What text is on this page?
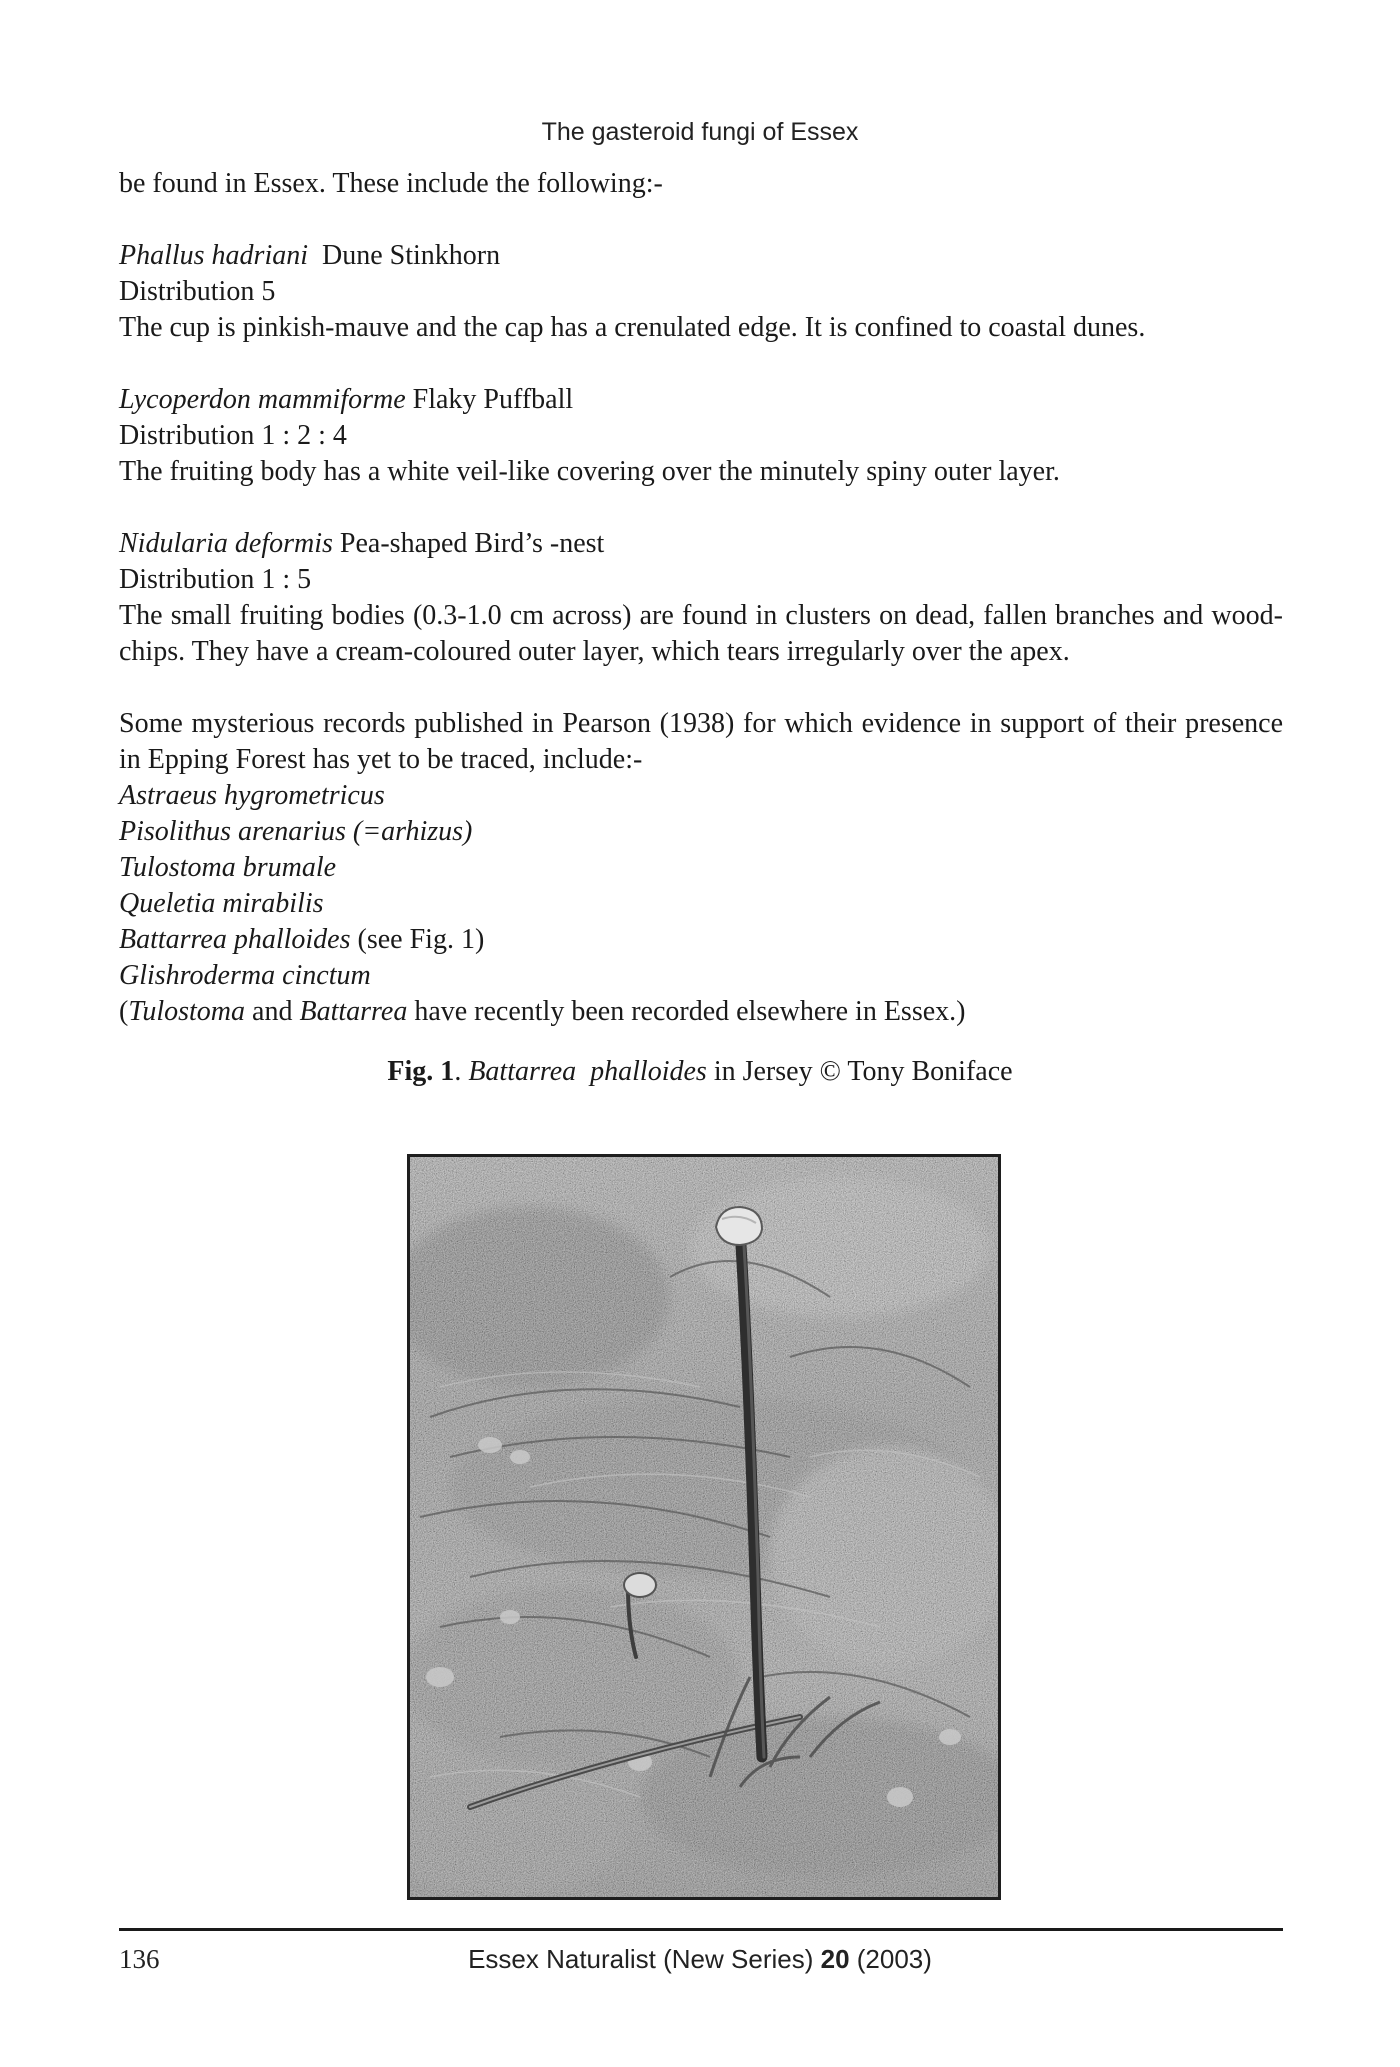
The gasteroid fungi of Essex

be found in Essex. These include the following:-

Phallus hadriani Dune Stinkhorn

Distribution 5

The cup is pinkish-mauve and the cap has a crenulated edge. It is confined to coastal dunes.

Lycoperdon mammiforme Flaky Puffball

Distribution 1 : 2 : 4

The fruiting body has a white veil-like covering over the minutely spiny outer layer.

Nidularia deformis Pea-shaped Bird’s -nest

Distribution 1 : 5

The small fruiting bodies (0.3-1.0 cm across) are found in clusters on dead, fallen branches and wood-chips. They have a cream-coloured outer layer, which tears irregularly over the apex.

Some mysterious records published in Pearson (1938) for which evidence in support of their presence in Epping Forest has yet to be traced, include:-

Astraeus hygrometricus

Pisolithus arenarius (=arhizus)

Tulostoma brumale

Queletia mirabilis

Battarrea phalloides (see Fig. 1)

Glishroderma cinctum

(Tulostoma and Battarrea have recently been recorded elsewhere in Essex.)

Fig. 1. Battarrea  phalloides in Jersey © Tony Boniface
136	Essex Naturalist (New Series) 20 (2003)
